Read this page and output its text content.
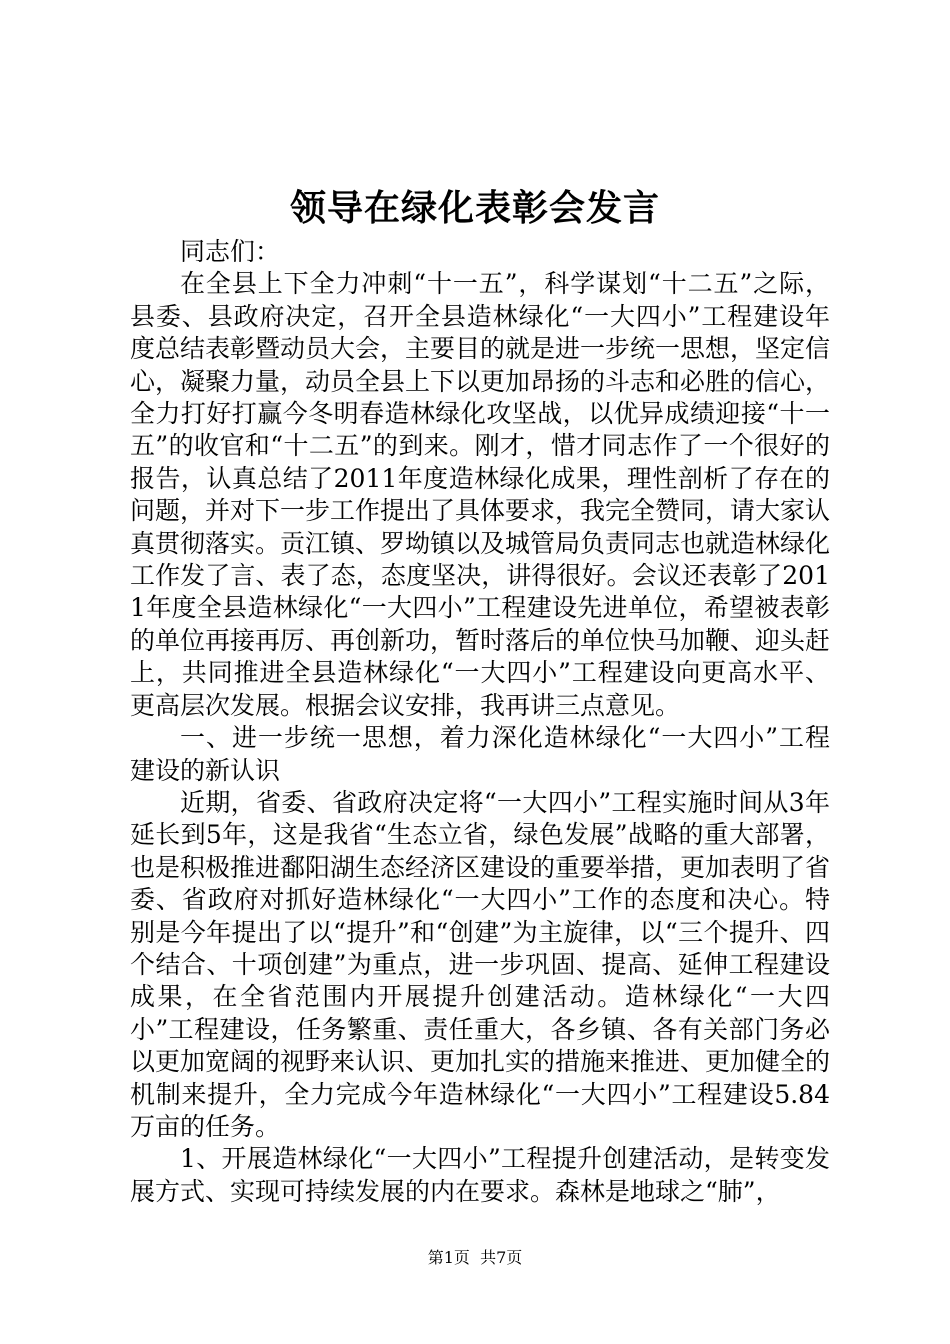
领导在绿化表彰会发言

同志们：

在全县上下全力冲刺“十一五”，科学谋划“十二五”之际，县委、县政府决定，召开全县造林绿化“一大四小”工程建设年度总结表彰暨动员大会，主要目的就是进一步统一思想，坚定信心，凝聚力量，动员全县上下以更加昂扬的斗志和必胜的信心，全力打好打赢今冬明春造林绿化攻坚战，以优异成绩迎接“十一五”的收官和“十二五”的到来。刚才，惜才同志作了一个很好的报告，认真总结了2011年度造林绿化成果，理性剖析了存在的问题，并对下一步工作提出了具体要求，我完全赞同，请大家认真贯彻落实。贡江镇、罗坳镇以及城管局负责同志也就造林绿化工作发了言、表了态，态度坚决，讲得很好。会议还表彰了2011年度全县造林绿化“一大四小”工程建设先进单位，希望被表彰的单位再接再厉、再创新功，暂时落后的单位快马加鞭、迎头赶上，共同推进全县造林绿化“一大四小”工程建设向更高水平、更高层次发展。根据会议安排，我再讲三点意见。

一、进一步统一思想，着力深化造林绿化“一大四小”工程建设的新认识

近期，省委、省政府决定将“一大四小”工程实施时间从3年延长到5年，这是我省“生态立省，绿色发展”战略的重大部署，也是积极推进鄱阳湖生态经济区建设的重要举措，更加表明了省委、省政府对抓好造林绿化“一大四小”工作的态度和决心。特别是今年提出了以“提升”和“创建”为主旋律，以“三个提升、四个结合、十项创建”为重点，进一步巩固、提高、延伸工程建设成果，在全省范围内开展提升创建活动。造林绿化“一大四小”工程建设，任务繁重、责任重大，各乡镇、各有关部门务必以更加宽阔的视野来认识、更加扎实的措施来推进、更加健全的机制来提升，全力完成今年造林绿化“一大四小”工程建设5.84万亩的任务。

1、开展造林绿化“一大四小”工程提升创建活动，是转变发展方式、实现可持续发展的内在要求。森林是地球之“肺”，

第1页 共7页
